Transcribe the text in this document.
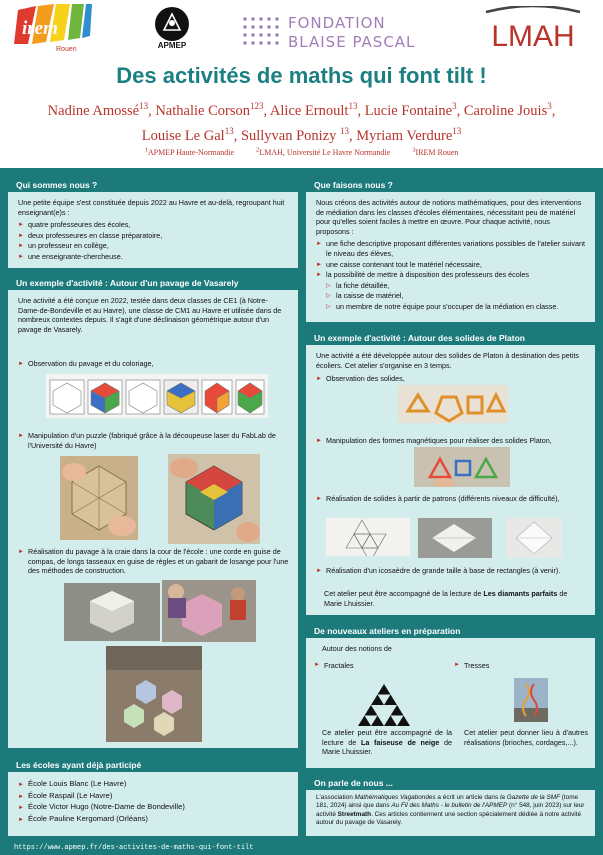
irem
Rouen	APMEP
FONDATION
BLAISE PASCAL	LMAH
Des activités de maths qui font tilt !
Nadine Amossé$^{13}$, Nathalie Corson$^{123}$, Alice Ernoult$^{13}$, Lucie Fontaine$^3$, Caroline Jouis$^3$,
Louise Le Gal$^{13}$, Sullyvan Ponizy $^{13}$, Myriam Verdure$^{13}$
$^1$APMEP Haute-Normandie	$^2$LMAH, Université Le Havre Normandie	$^3$IREM Rouen
Qui sommes nous ?

Une petite équipe s'est constituée depuis 2022 au Havre et au-delà, regroupant huit enseignant(e)s :

► quatre professeures des écoles,
► deux professeures en classe préparatoire,
► un professeur en collège,
► une enseignante-chercheuse.
Un exemple d'activité : Autour d'un pavage de Vasarely

Une activité a été conçue en 2022, testée dans deux classes de CE1 (à Notre-Dame-de-Bondeville et au Havre), une classe de CM1 au Havre et utilisée dans de nombreux contextes depuis. Il s'agit d'une déclinaison géométrique autour d'un pavage de Vasarely.

► Observation du pavage et du coloriage,
► Manipulation d'un puzzle (fabriqué grâce à la découpeuse laser du FabLab de l'Université du Havre)
► Réalisation du pavage à la craie dans la cour de l'école : une corde en guise de compas, de longs tasseaux en guise de règles et un gabarit de losange pour l'une des méthodes de construction.
Les écoles ayant déjà participé
► École Louis Blanc (Le Havre)
► École Raspail (Le Havre)
► École Victor Hugo (Notre-Dame de Bondeville)
► École Pauline Kergomard (Orléans)
Que faisons nous ?

Nous créons des activités autour de notions mathématiques, pour des interventions de médiation dans les classes d'écoles élémentaires, nécessitant peu de matériel pour qu'elles soient faciles à mettre en œuvre. Pour chaque activité, nous proposons :

► une fiche descriptive proposant différentes variations possibles de l'atelier suivant le niveau des élèves,
► une caisse contenant tout le matériel nécessaire,
► la possibilité de mettre à disposition des professeurs des écoles
▷ la fiche détaillée,
▷ la caisse de matériel,
▷ un membre de notre équipe pour s'occuper de la médiation en classe.
Un exemple d'activité : Autour des solides de Platon

Une activité a été développée autour des solides de Platon à destination des petits écoliers. Cet atelier s'organise en 3 temps.

► Observation des solides,
► Manipulation des formes magnétiques pour réaliser des solides Platon,
► Réalisation de solides à partir de patrons (différents niveaux de difficulté),
► Réalisation d'un icosaèdre de grande taille à base de rectangles (à venir).

Cet atelier peut être accompagné de la lecture de Les diamants parfaits de Marie Lhuissier.

De nouveaux ateliers en préparation

Autour des notions de

► Fractales
►	Tresses

Ce atelier peut être accompagné de la lecture de La faiseuse de neige de Marie Lhuissier.

Cet atelier peut donner lieu à d'autres réalisations (brioches, cordages,...).

On parle de nous ...

L'association Mathématiques Vagabondes a écrit un article dans la Gazette de la SMF (tome 181, 2024) ainsi que dans Au Fil des Maths - le bulletin de l'APMEP (n° 548, juin 2023) sur leur activité Streetmath. Ces articles contiennent une section spécialement dédiée à notre activité autour du pavage de Vasarely.

https://www.apmep.fr/des-activites-de-maths-qui-font-tilt
